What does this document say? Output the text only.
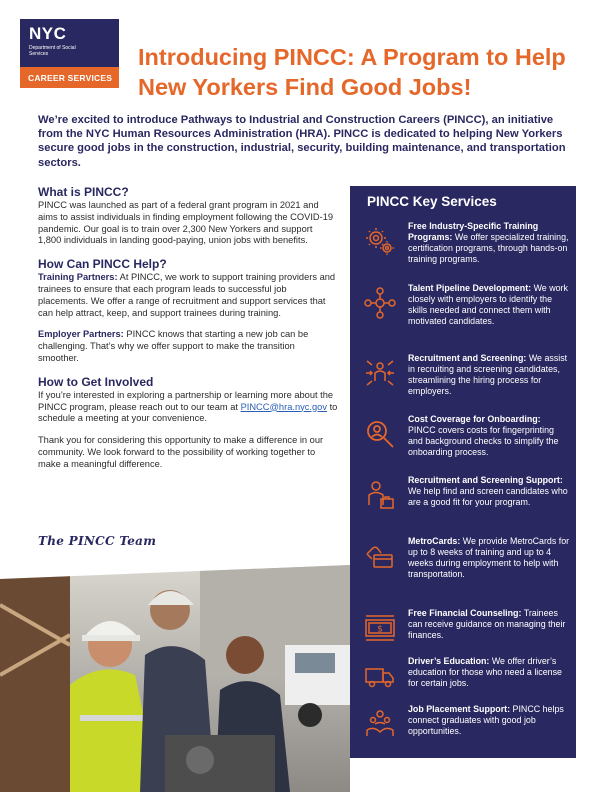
NYC
Department of Social Services
CAREER SERVICES
Introducing PINCC: A Program to Help New Yorkers Find Good Jobs!
We’re excited to introduce Pathways to Industrial and Construction Careers (PINCC), an initiative from the NYC Human Resources Administration (HRA). PINCC is dedicated to helping New Yorkers secure good jobs in the construction, industrial, security, building maintenance, and transportation sectors.
What is PINCC?

PINCC was launched as part of a federal grant program in 2021 and aims to assist individuals in finding employment following the COVID-19 pandemic. Our goal is to train over 2,300 New Yorkers and support 1,800 individuals in landing good-paying, union jobs with benefits.

How Can PINCC Help?

Training Partners: At PINCC, we work to support training providers and trainees to ensure that each program leads to successful job placements. We offer a range of recruitment and support services that can help attract, keep, and support trainees during training.

Employer Partners: PINCC knows that starting a new job can be challenging. That’s why we offer support to make the transition smoother.

How to Get Involved

If you’re interested in exploring a partnership or learning more about the PINCC program, please reach out to our team at PINCC@hra.nyc.gov to schedule a meeting at your convenience.

Thank you for considering this opportunity to make a difference in our community. We look forward to the possibility of working together to make a meaningful difference.

The PINCC Team
PINCC Key Services
Free Industry-Specific Training Programs: We offer specialized training, certification programs, through hands-on training programs.
Talent Pipeline Development: We work closely with employers to identify the skills needed and connect them with motivated candidates.
Recruitment and Screening: We assist in recruiting and screening candidates, streamlining the hiring process for employers.
Cost Coverage for Onboarding: PINCC covers costs for fingerprinting and background checks to simplify the onboarding process.
Recruitment and Screening Support: We help find and screen candidates who are a good fit for your program.
MetroCards: We provide MetroCards for up to 8 weeks of training and up to 4 weeks during employment to help with transportation.
$
Free Financial Counseling: Trainees can receive guidance on managing their finances.
Driver’s Education: We offer driver’s education for those who need a license for certain jobs.
Job Placement Support: PINCC helps connect graduates with good job opportunities.
